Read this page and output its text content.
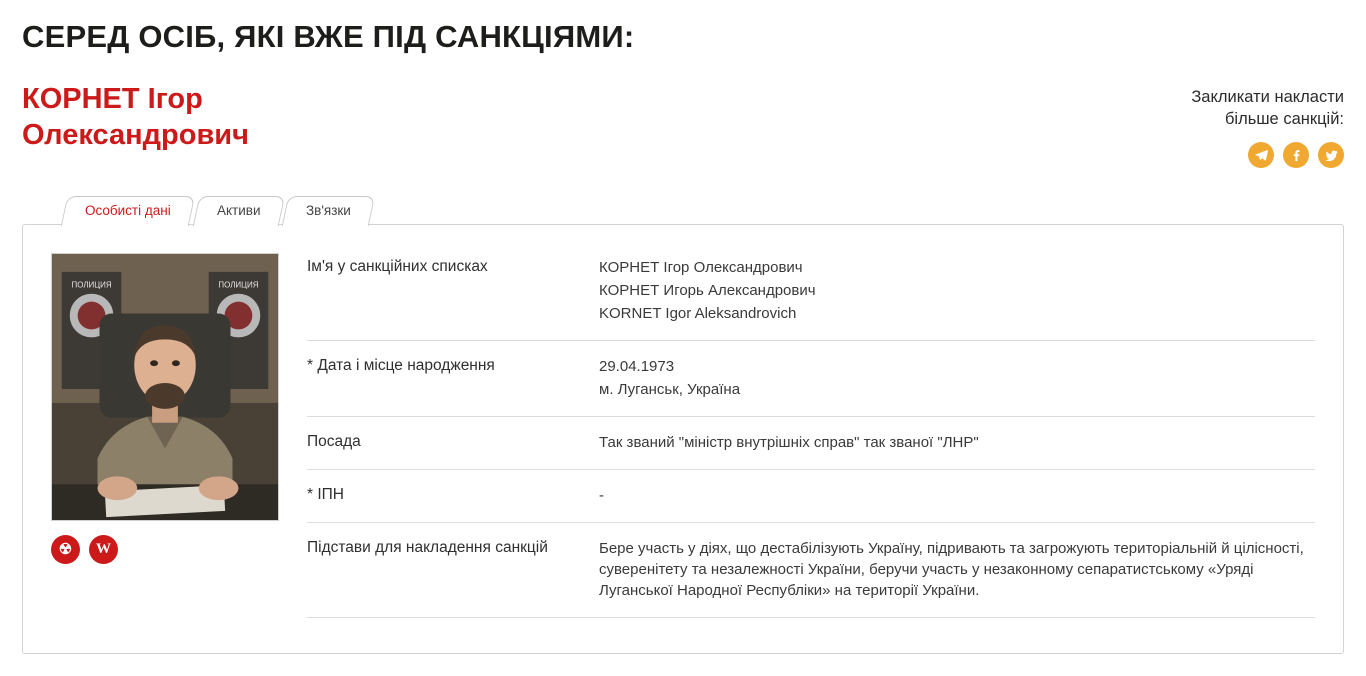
СЕРЕД ОСІБ, ЯКІ ВЖЕ ПІД САНКЦІЯМИ:
КОРНЕТ Ігор
Олександрович
Закликати накласти
більше санкцій:
Особисті дані	Активи	Зв'язки
ПОЛИЦИЯ	ПОЛИЦИЯ
☢ W
Ім'я у санкційних списках	КОРНЕТ Ігор Олександрович
КОРНЕТ Игорь Александрович
KORNET Igor Aleksandrovich
* Дата і місце народження	29.04.1973
м. Луганськ, Україна
Посада	Так званий "міністр внутрішніх справ" так званої "ЛНР"
* ІПН	-
Підстави для накладення санкцій	Бере участь у діях, що дестабілізують Україну, підривають та загрожують територіальній й цілісності, суверенітету та незалежності України, беручи участь у незаконному сепаратистському «Уряді Луганської Народної Республіки» на території України.
